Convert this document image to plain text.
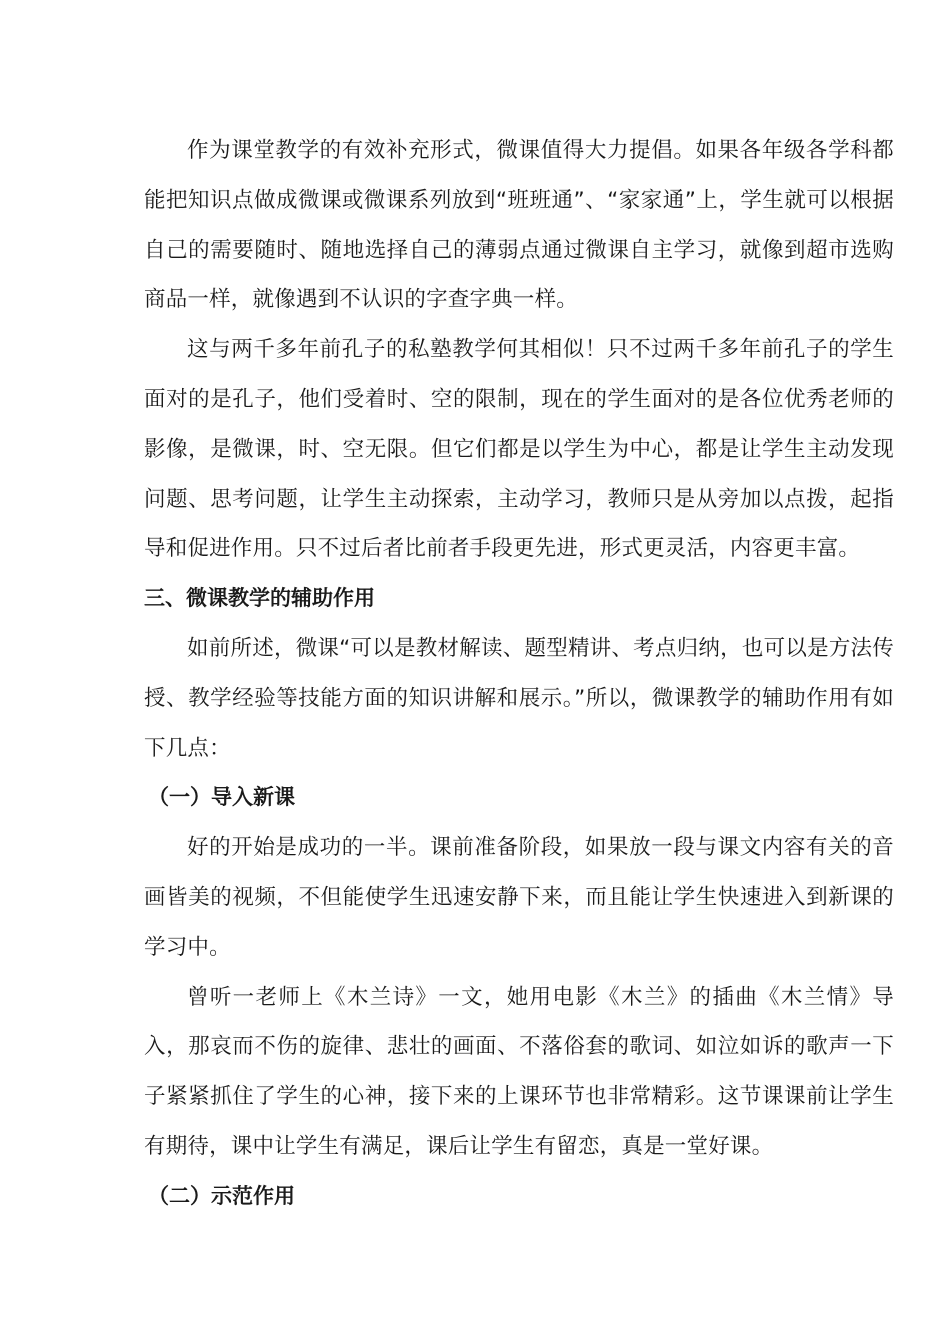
作为课堂教学的有效补充形式，微课值得大力提倡。如果各年级各学科都能把知识点做成微课或微课系列放到“班班通”、“家家通”上，学生就可以根据自己的需要随时、随地选择自己的薄弱点通过微课自主学习，就像到超市选购商品一样，就像遇到不认识的字查字典一样。

这与两千多年前孔子的私塾教学何其相似！只不过两千多年前孔子的学生面对的是孔子，他们受着时、空的限制，现在的学生面对的是各位优秀老师的影像，是微课，时、空无限。但它们都是以学生为中心，都是让学生主动发现问题、思考问题，让学生主动探索，主动学习，教师只是从旁加以点拨，起指导和促进作用。只不过后者比前者手段更先进，形式更灵活，内容更丰富。

三、微课教学的辅助作用

如前所述，微课“可以是教材解读、题型精讲、考点归纳，也可以是方法传授、教学经验等技能方面的知识讲解和展示。”所以，微课教学的辅助作用有如下几点：

（一）导入新课

好的开始是成功的一半。课前准备阶段，如果放一段与课文内容有关的音画皆美的视频，不但能使学生迅速安静下来，而且能让学生快速进入到新课的学习中。

曾听一老师上《木兰诗》一文，她用电影《木兰》的插曲《木兰情》导入，那哀而不伤的旋律、悲壮的画面、不落俗套的歌词、如泣如诉的歌声一下子紧紧抓住了学生的心神，接下来的上课环节也非常精彩。这节课课前让学生有期待，课中让学生有满足，课后让学生有留恋，真是一堂好课。

（二）示范作用
